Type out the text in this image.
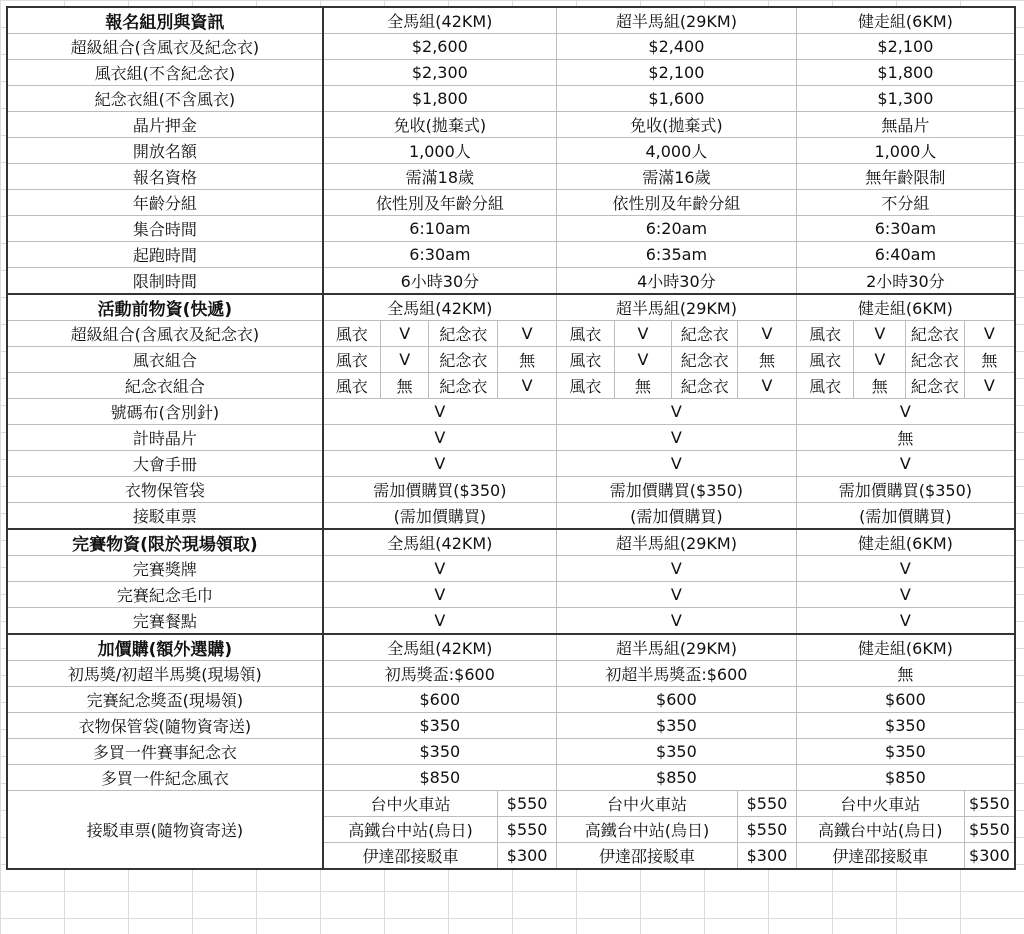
報名組別與資訊	全馬組(42KM)				超半馬組(29KM)				健走組(6KM)			
超級組合(含風衣及紀念衣)	$2,600				$2,400				$2,100			
風衣組(不含紀念衣)	$2,300				$2,100				$1,800			
紀念衣組(不含風衣)	$1,800				$1,600				$1,300			
晶片押金	免收(拋棄式)				免收(拋棄式)				無晶片			
開放名額	1,000人				4,000人				1,000人			
報名資格	需滿18歲				需滿16歲				無年齡限制			
年齡分組	依性別及年齡分組				依性別及年齡分組				不分組			
集合時間	6:10am				6:20am				6:30am			
起跑時間	6:30am				6:35am				6:40am			
限制時間	6小時30分				4小時30分				2小時30分			
活動前物資(快遞)	全馬組(42KM)				超半馬組(29KM)				健走組(6KM)			
超級組合(含風衣及紀念衣)	風衣	V	紀念衣	V	風衣	V	紀念衣	V	風衣	V	紀念衣	V
風衣組合	風衣	V	紀念衣	無	風衣	V	紀念衣	無	風衣	V	紀念衣	無
紀念衣組合	風衣	無	紀念衣	V	風衣	無	紀念衣	V	風衣	無	紀念衣	V
號碼布(含別針)	V				V				V			
計時晶片	V				V				無			
大會手冊	V				V				V			
衣物保管袋	需加價購買($350)				需加價購買($350)				需加價購買($350)			
接駁車票	(需加價購買)				(需加價購買)				(需加價購買)			
完賽物資(限於現場領取)	全馬組(42KM)				超半馬組(29KM)				健走組(6KM)			
完賽獎牌	V				V				V			
完賽紀念毛巾	V				V				V			
完賽餐點	V				V				V			
加價購(額外選購)	全馬組(42KM)				超半馬組(29KM)				健走組(6KM)			
初馬獎/初超半馬獎(現場領)	初馬獎盃:$600				初超半馬獎盃:$600				無			
完賽紀念獎盃(現場領)	$600				$600				$600			
衣物保管袋(隨物資寄送)	$350				$350				$350			
多買一件賽事紀念衣	$350				$350				$350			
多買一件紀念風衣	$850				$850				$850			
接駁車票(隨物資寄送)	台中火車站			$550	台中火車站			$550	台中火車站			$550
	高鐵台中站(烏日)			$550	高鐵台中站(烏日)			$550	高鐵台中站(烏日)			$550
	伊達邵接駁車			$300	伊達邵接駁車			$300	伊達邵接駁車			$300
